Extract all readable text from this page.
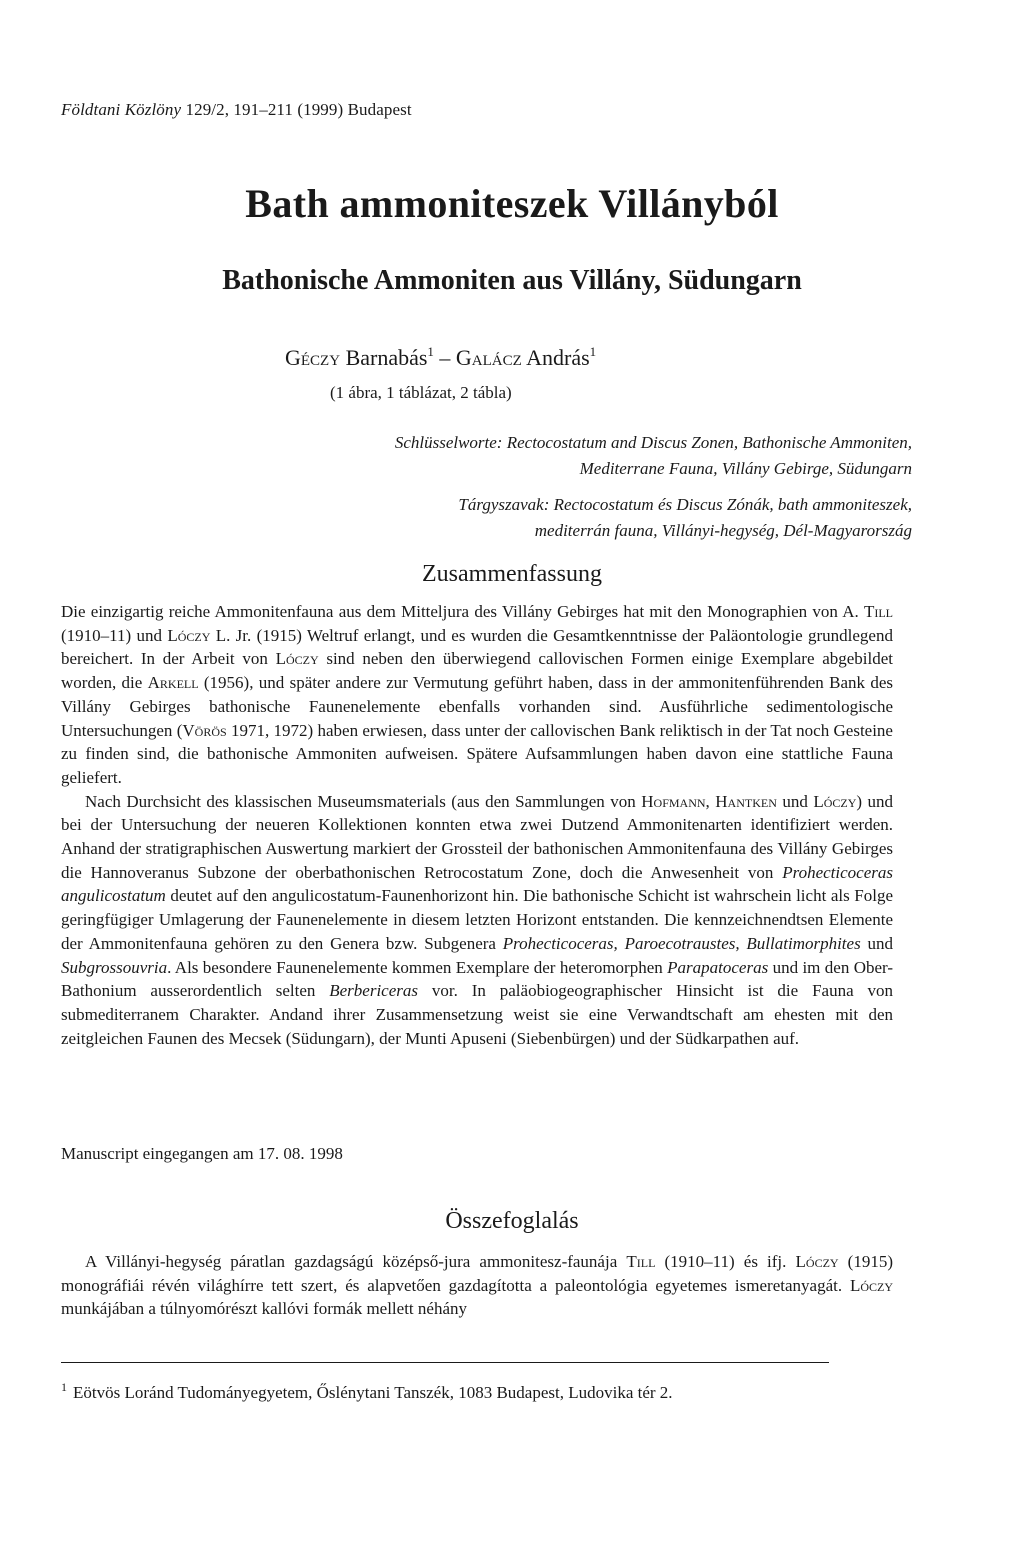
Földtani Közlöny 129/2, 191–211 (1999) Budapest
Bath ammoniteszek Villányból
Bathonische Ammoniten aus Villány, Südungarn
Géczy Barnabás$^1$ – Galácz András$^1$
(1 ábra, 1 táblázat, 2 tábla)
Schlüsselworte: Rectocostatum and Discus Zonen, Bathonische Ammoniten,
Mediterrane Fauna, Villány Gebirge, Südungarn
Tárgyszavak: Rectocostatum és Discus Zónák, bath ammoniteszek,
mediterrán fauna, Villányi-hegység, Dél-Magyarország
Zusammenfassung

Die einzigartig reiche Ammonitenfauna aus dem Mitteljura des Villány Gebirges hat mit den Monographien von A. Till (1910–11) und Lóczy L. Jr. (1915) Weltruf erlangt, und es wurden die Gesamtkenntnisse der Paläontologie grundlegend bereichert. In der Arbeit von Lóczy sind neben den überwiegend callovischen Formen einige Exemplare abgebildet worden, die Arkell (1956), und später andere zur Vermutung geführt haben, dass in der ammonitenführenden Bank des Villány Gebirges bathonische Faunenelemente ebenfalls vorhanden sind. Ausführliche sedimentologische Untersuchungen (Vörös 1971, 1972) haben erwiesen, dass unter der callovischen Bank reliktisch in der Tat noch Gesteine zu finden sind, die bathonische Ammoniten aufweisen. Spätere Aufsammlungen haben davon eine stattliche Fauna geliefert.

Nach Durchsicht des klassischen Museumsmaterials (aus den Sammlungen von Hofmann, Hantken und Lóczy) und bei der Untersuchung der neueren Kollektionen konnten etwa zwei Dutzend Ammonitenarten identifiziert werden. Anhand der stratigraphischen Auswertung markiert der Grossteil der bathonischen Ammonitenfauna des Villány Gebirges die Hannoveranus Subzone der oberbathonischen Retrocostatum Zone, doch die Anwesenheit von Prohecticoceras angulicostatum deutet auf den angulicostatum-Faunenhorizont hin. Die bathonische Schicht ist wahrschein licht als Folge geringfügiger Umlagerung der Faunenelemente in diesem letzten Horizont entstanden. Die kennzeichnendtsen Elemente der Ammonitenfauna gehören zu den Genera bzw. Subgenera Prohecticoceras, Paroecotraustes, Bullatimorphites und Subgrossouvria. Als besondere Faunenelemente kommen Exemplare der heteromorphen Parapatoceras und im den Ober-Bathonium ausserordentlich selten Berbericeras vor. In paläobiogeographischer Hinsicht ist die Fauna von submediterranem Charakter. Andand ihrer Zusammensetzung weist sie eine Verwandtschaft am ehesten mit den zeitgleichen Faunen des Mecsek (Südungarn), der Munti Apuseni (Siebenbürgen) und der Südkarpathen auf.

Manuscript eingegangen am 17. 08. 1998
Összefoglalás

A Villányi-hegység páratlan gazdagságú középső-jura ammonitesz-faunája Till (1910–11) és ifj. Lóczy (1915) monográfiái révén világhírre tett szert, és alapvetően gazdagította a paleontológia egyetemes ismeretanyagát. Lóczy munkájában a túlnyomórészt kallóvi formák mellett néhány

$^1$ Eötvös Loránd Tudományegyetem, Őslénytani Tanszék, 1083 Budapest, Ludovika tér 2.
